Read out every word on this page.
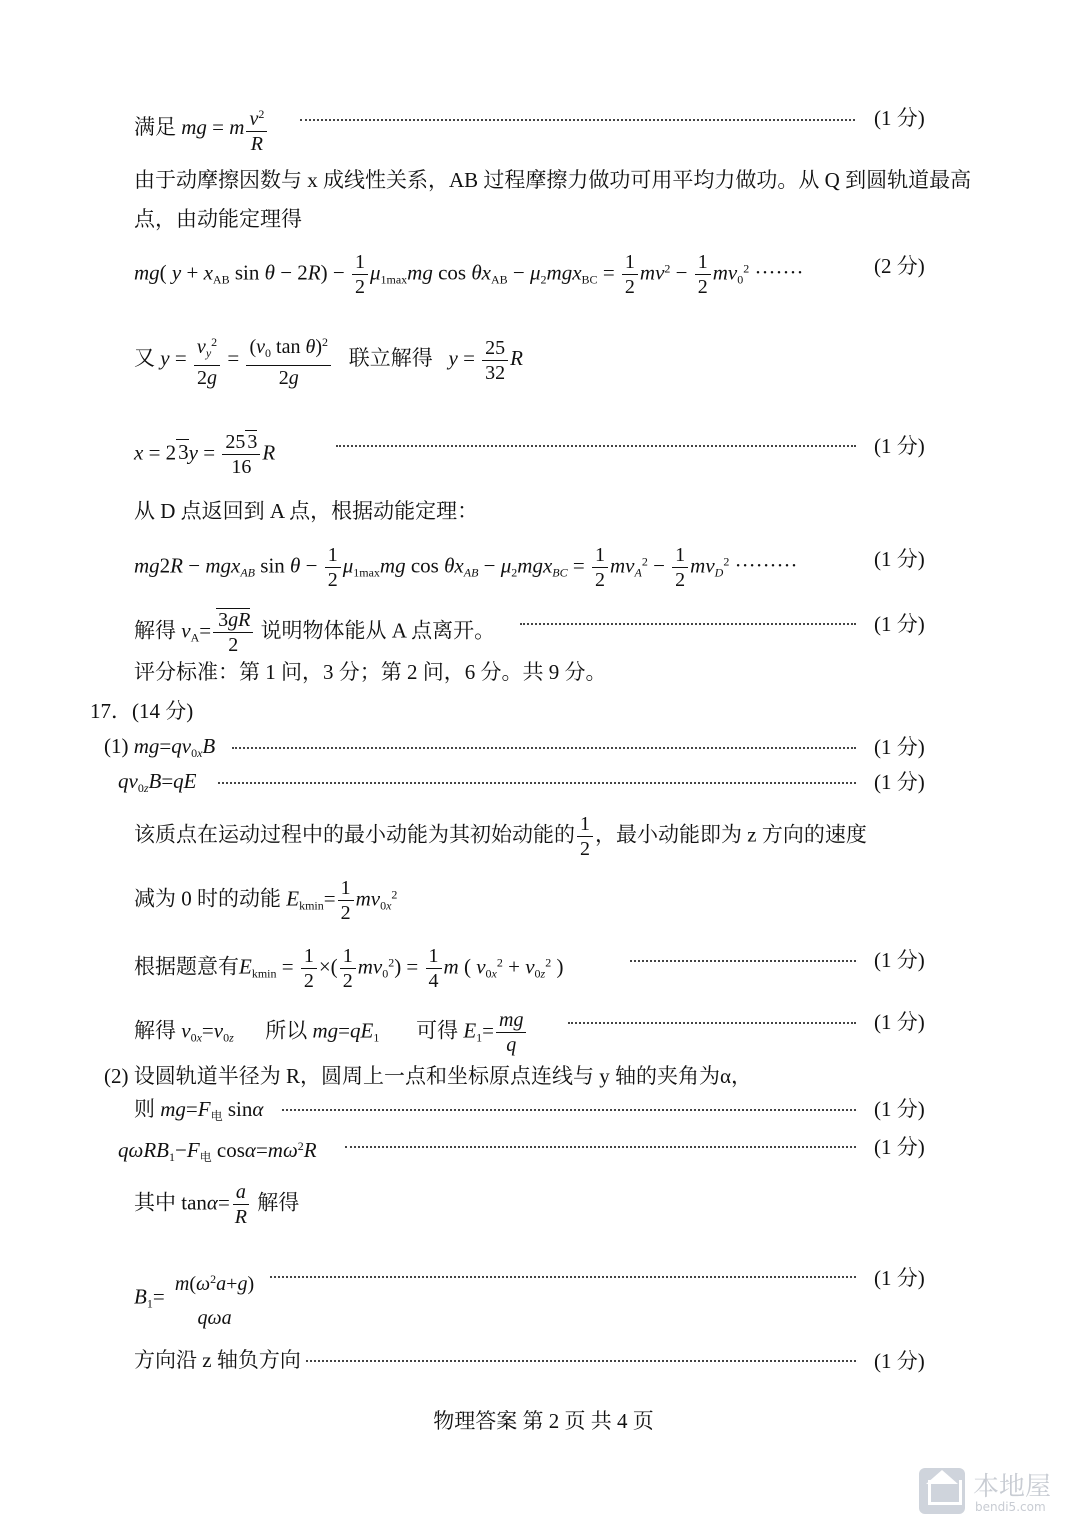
满足 mg = m $\frac{v^2}{R}$	(1 分)
由于动摩擦因数与 x 成线性关系，AB 过程摩擦力做功可用平均力做功。从 Q 到圆轨道最高
点，由动能定理得
mg( $y + x_{AB}$ $\sin \theta - 2R) - \frac{1}{2} \mu_{1max}mg$ $\cos \theta x_{AB} - \mu_2mgx_{BC} = \frac{1}{2} mv^2 - \frac{1}{2} mv_0^2$ ·······	(2 分)
又 $y = \frac{v_y^2}{2g} = \frac{(v_0 \tan \theta)^2}{2g}$ 联立解得 $y = \frac{25}{32}$ R
$x = 23y = \frac{25 3}{16}$ R	(1 分)
从 D 点返回到 A 点，根据动能定理：
mg2R − mgx$_{AB}$ $\sin \theta - \frac{1}{2} \mu_{1max}mg$ $\cos \theta x_{AB} - \mu_2mgx_{BC} = \frac{1}{2} mv_A^2 - \frac{1}{2} mv_D^2$ ·········	(1 分)
解得 $v_A= \frac{3gR}{2}$ 说明物体能从 A 点离开。	(1 分)
评分标准：第 1 问，3 分；第 2 问，6 分。共 9 分。
17．(14 分)
(1) $mg=qv_{0x}B$	(1 分)
$qv_{0z}B=qE$	(1 分)
该质点在运动过程中的最小动能为其初始动能的 $\frac{1}{2}$ ，最小动能即为 z 方向的速度
减为 0 时的动能 $E_{kmin}= \frac{1}{2} mv_{0x}^2$
根据题意有$E_{kmin} = \frac{1}{2}$ ×( $\frac{1}{2} mv_0^2) = \frac{1}{4}$ m ( $v_{0x}^2 + v_{0z}^2$ )	(1 分)
解得 $v_{0x}=v_{0z}$ 所以 $mg=qE_1$ 可得 $E_1= \frac{mg}{q}$	(1 分)
(2) 设圆轨道半径为 R，圆周上一点和坐标原点连线与 y 轴的夹角为α，
则 $mg=F_电$ sinα	(1 分)
$q\omega RB_1-F_电$ $\cos\alpha=m\omega^2R$	(1 分)
其中 $\tan\alpha= \frac{a}{R}$ 解得
$B_1=$
$m(\omega^2a+g)$
qωa
(1 分)
方向沿 z 轴负方向	(1 分)
物理答案 第 2 页 共 4 页
本地屋
bendi5.com
